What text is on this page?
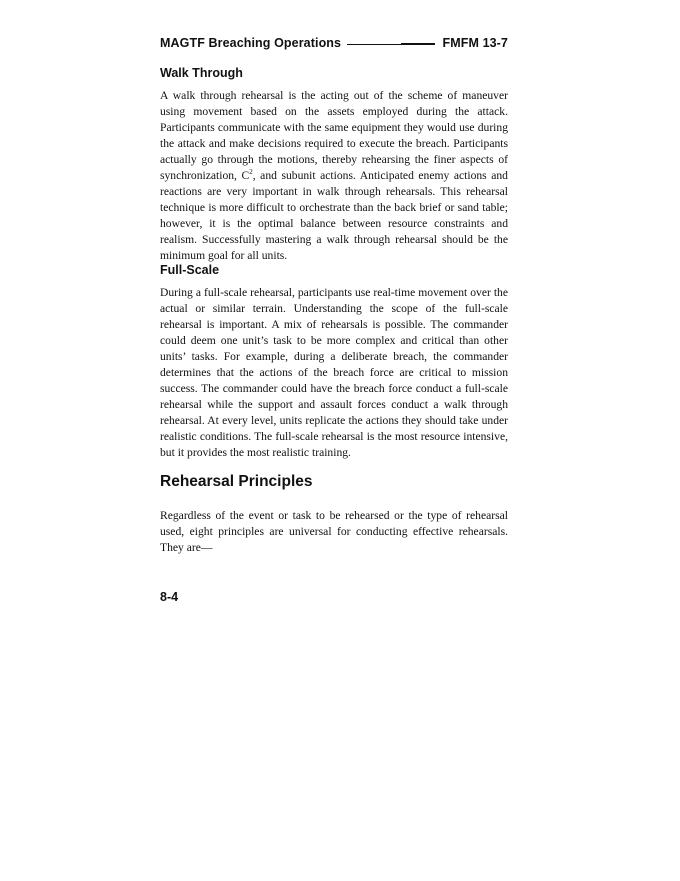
MAGTF Breaching Operations	FMFM 13-7
Walk Through

A walk through rehearsal is the acting out of the scheme of maneuver using movement based on the assets employed during the attack. Participants communicate with the same equipment they would use during the attack and make decisions required to execute the breach. Participants actually go through the motions, thereby rehearsing the finer aspects of synchronization, $C^2$, and subunit actions. Anticipated enemy actions and reactions are very important in walk through rehearsals. This rehearsal technique is more difficult to orchestrate than the back brief or sand table; however, it is the optimal balance between resource constraints and realism. Successfully mastering a walk through rehearsal should be the minimum goal for all units.

Full-Scale

During a full-scale rehearsal, participants use real-time movement over the actual or similar terrain. Understanding the scope of the full-scale rehearsal is important. A mix of rehearsals is possible. The commander could deem one unit’s task to be more complex and critical than other units’ tasks. For example, during a deliberate breach, the commander determines that the actions of the breach force are critical to mission success. The commander could have the breach force conduct a full-scale rehearsal while the support and assault forces conduct a walk through rehearsal. At every level, units replicate the actions they should take under realistic conditions. The full-scale rehearsal is the most resource intensive, but it provides the most realistic training.

Rehearsal Principles

Regardless of the event or task to be rehearsed or the type of rehearsal used, eight principles are universal for conducting effective rehearsals. They are—

8-4
